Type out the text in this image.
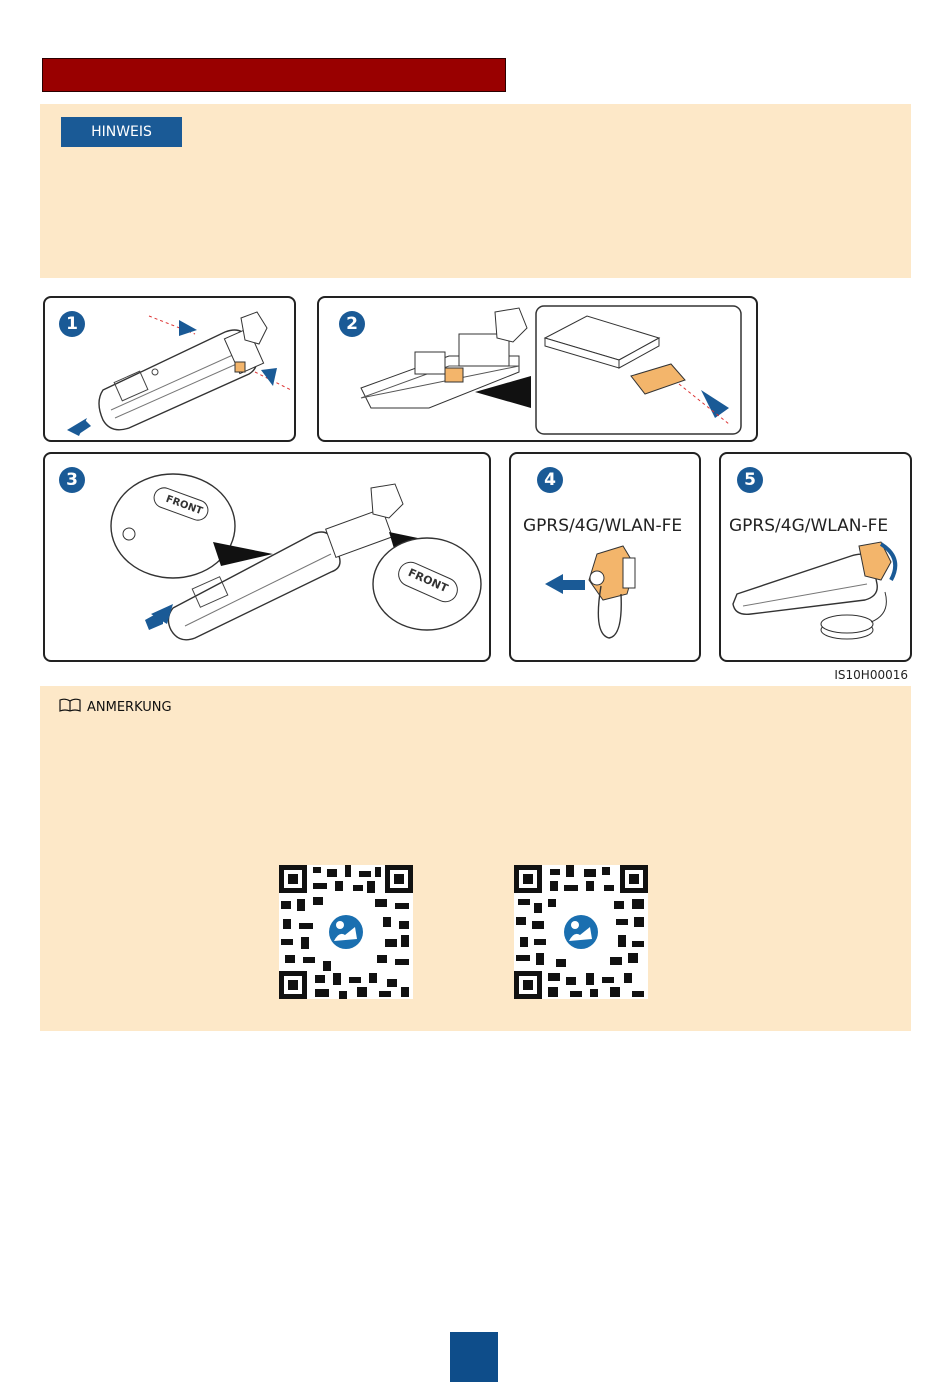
HINWEIS
1	2
3
FRONT
FRONT
4
GPRS/4G/WLAN-FE
5
GPRS/4G/WLAN-FE
IS10H00016
ANMERKUNG
